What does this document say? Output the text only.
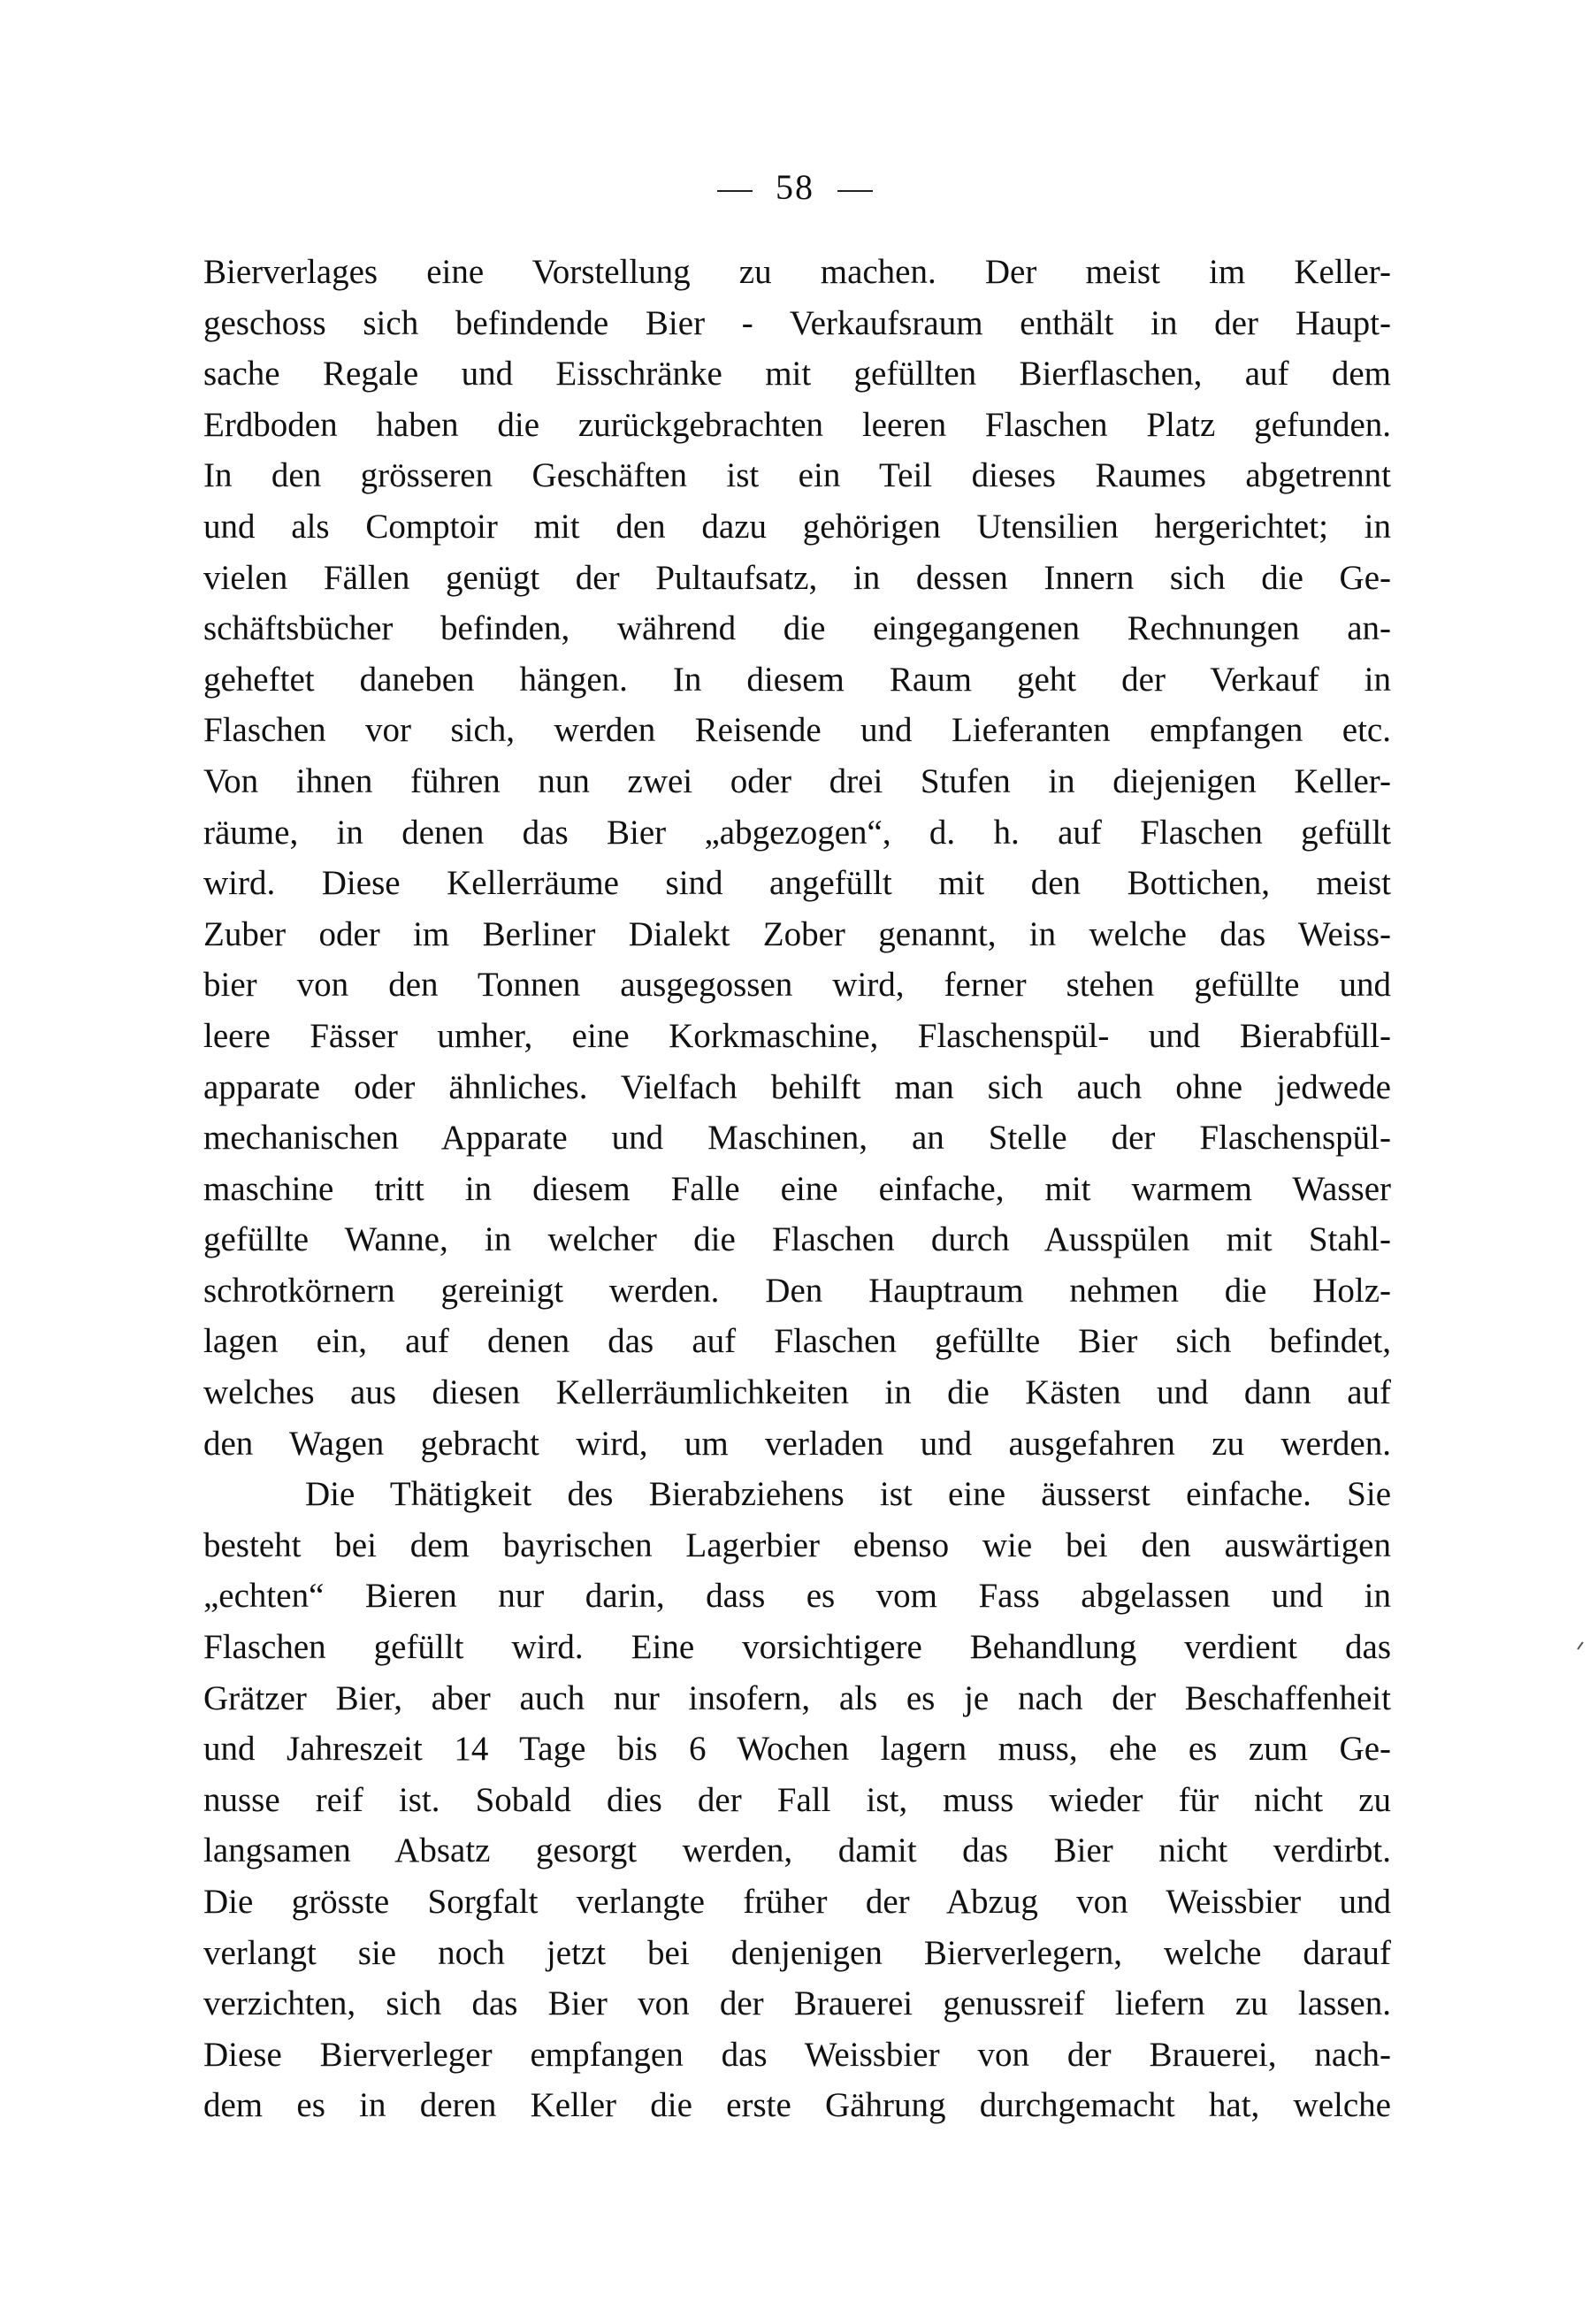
58
Bierverlages eine Vorstellung zu machen. Der meist im Keller-
geschoss sich befindende Bier - Verkaufsraum enthält in der Haupt-
sache Regale und Eisschränke mit gefüllten Bierflaschen, auf dem
Erdboden haben die zurückgebrachten leeren Flaschen Platz gefunden.
In den grösseren Geschäften ist ein Teil dieses Raumes abgetrennt
und als Comptoir mit den dazu gehörigen Utensilien hergerichtet; in
vielen Fällen genügt der Pultaufsatz, in dessen Innern sich die Ge-
schäftsbücher befinden, während die eingegangenen Rechnungen an-
geheftet daneben hängen. In diesem Raum geht der Verkauf in
Flaschen vor sich, werden Reisende und Lieferanten empfangen etc.
Von ihnen führen nun zwei oder drei Stufen in diejenigen Keller-
räume, in denen das Bier „abgezogen“, d. h. auf Flaschen gefüllt
wird. Diese Kellerräume sind angefüllt mit den Bottichen, meist
Zuber oder im Berliner Dialekt Zober genannt, in welche das Weiss-
bier von den Tonnen ausgegossen wird, ferner stehen gefüllte und
leere Fässer umher, eine Korkmaschine, Flaschenspül- und Bierabfüll-
apparate oder ähnliches. Vielfach behilft man sich auch ohne jedwede
mechanischen Apparate und Maschinen, an Stelle der Flaschenspül-
maschine tritt in diesem Falle eine einfache, mit warmem Wasser
gefüllte Wanne, in welcher die Flaschen durch Ausspülen mit Stahl-
schrotkörnern gereinigt werden. Den Hauptraum nehmen die Holz-
lagen ein, auf denen das auf Flaschen gefüllte Bier sich befindet,
welches aus diesen Kellerräumlichkeiten in die Kästen und dann auf
den Wagen gebracht wird, um verladen und ausgefahren zu werden.
Die Thätigkeit des Bierabziehens ist eine äusserst einfache. Sie
besteht bei dem bayrischen Lagerbier ebenso wie bei den auswärtigen
„echten“ Bieren nur darin, dass es vom Fass abgelassen und in
Flaschen gefüllt wird. Eine vorsichtigere Behandlung verdient das
Grätzer Bier, aber auch nur insofern, als es je nach der Beschaffenheit
und Jahreszeit 14 Tage bis 6 Wochen lagern muss, ehe es zum Ge-
nusse reif ist. Sobald dies der Fall ist, muss wieder für nicht zu
langsamen Absatz gesorgt werden, damit das Bier nicht verdirbt.
Die grösste Sorgfalt verlangte früher der Abzug von Weissbier und
verlangt sie noch jetzt bei denjenigen Bierverlegern, welche darauf
verzichten, sich das Bier von der Brauerei genussreif liefern zu lassen.
Diese Bierverleger empfangen das Weissbier von der Brauerei, nach-
dem es in deren Keller die erste Gährung durchgemacht hat, welche
